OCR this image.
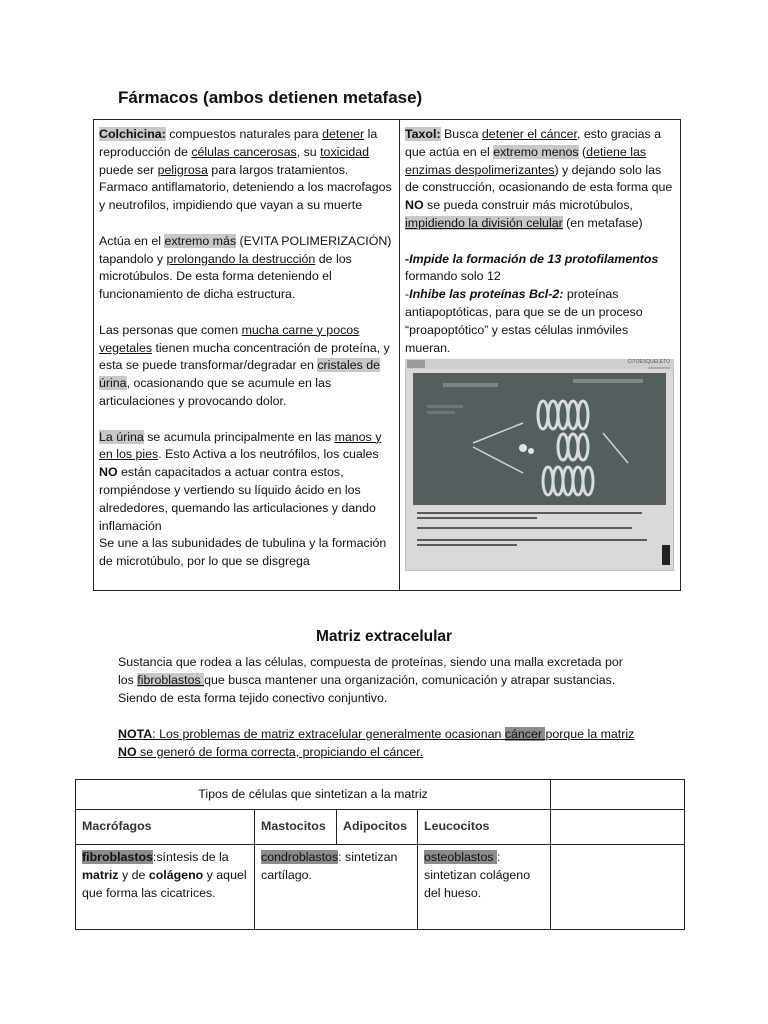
Fármacos (ambos detienen metafase)

Colchicina: compuestos naturales para detener la reproducción de células cancerosas, su toxicidad puede ser peligrosa para largos tratamientos. Farmaco antiflamatorio, deteniendo a los macrofagos y neutrofilos, impidiendo que vayan a su muerte

Actúa en el extremo más (EVITA POLIMERIZACIÓN) tapandolo y prolongando la destrucción de los microtúbulos. De esta forma deteniendo el funcionamiento de dicha estructura.

Las personas que comen mucha carne y pocos vegetales tienen mucha concentración de proteína, y esta se puede transformar/degradar en cristales de úrina, ocasionando que se acumule en las articulaciones y provocando dolor.

La úrina se acumula principalmente en las manos y en los pies. Esto Activa a los neutrófilos, los cuales NO están capacitados a actuar contra estos, rompiéndose y vertiendo su líquido ácido en los alrededores, quemando las articulaciones y dando inflamación

Se une a las subunidades de tubulina y la formación de microtúbulo, por lo que se disgrega

Taxol: Busca detener el cáncer, esto gracias a que actúa en el extremo menos (detiene las enzimas despolimerizantes) y dejando solo las de construcción, ocasionando de esta forma que NO se pueda construir más microtúbulos, impidiendo la división celular (en metafase)

-Impide la formación de 13 protofilamentos formando solo 12

-Inhibe las proteínas Bcl-2: proteínas antiapoptóticas, para que se de un proceso “proapoptótico” y estas células inmóviles mueran.

CITOESQUELETO
Alteraciones
Matriz extracelular

Sustancia que rodea a las células, compuesta de proteínas, siendo una malla excretada por los fibroblastos que busca mantener una organización, comunicación y atrapar sustancias. Siendo de esta forma tejido conectivo conjuntivo.

NOTA: Los problemas de matriz extracelular generalmente ocasionan cáncer porque la matriz NO se generó de forma correcta, propiciando el cáncer.

Tipos de células que sintetizan a la matriz				
Macrófagos	Mastocitos	Adipocitos	Leucocitos	
fibroblastos:síntesis de la matriz y de colágeno y aquel que forma las cicatrices.	condroblastos: sintetizan cartílago.		osteoblastos : sintetizan colágeno del hueso.	
